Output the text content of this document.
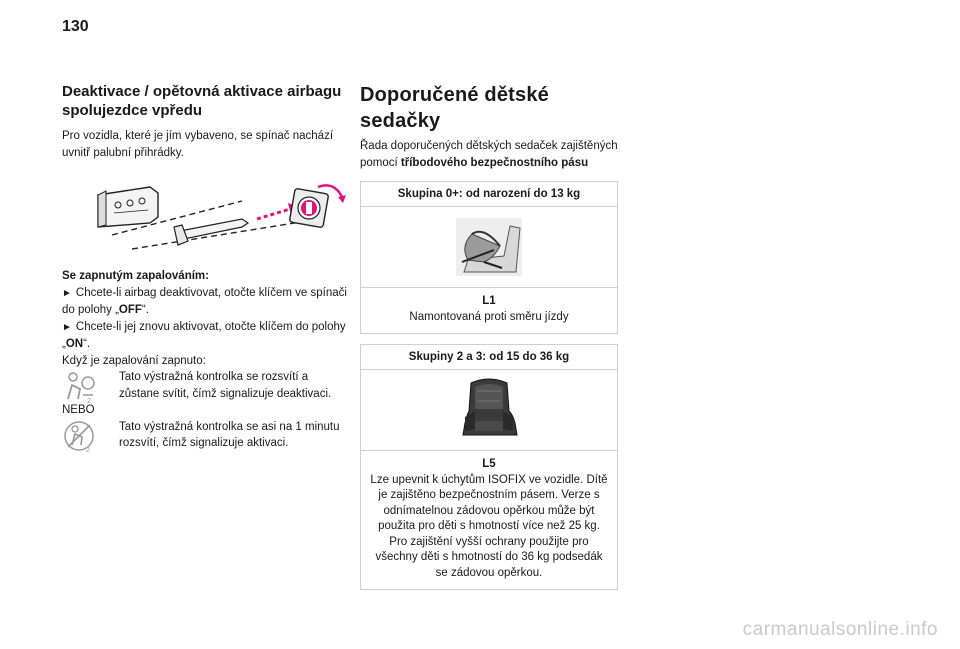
130
Deaktivace / opětovná aktivace airbagu spolujezdce vpředu

Pro vozidla, které je jím vybaveno, se spínač nachází uvnitř palubní přihrádky.

Se zapnutým zapalováním:

► Chcete-li airbag deaktivovat, otočte klíčem ve spínači do polohy „OFF“.

► Chcete-li jej znovu aktivovat, otočte klíčem do polohy „ON“.

Když je zapalování zapnuto:

2

Tato výstražná kontrolka se rozsvítí a zůstane svítit, čímž signalizuje deaktivaci.

NEBO

2

Tato výstražná kontrolka se asi na 1 minutu rozsvítí, čímž signalizuje aktivaci.

Doporučené dětské sedačky

Řada doporučených dětských sedaček zajištěných pomocí tříbodového bezpečnostního pásu

Skupina 0+: od narození do 13 kg
L1
Namontovaná proti směru jízdy
Skupiny 2 a 3: od 15 do 36 kg
L5
Lze upevnit k úchytům ISOFIX ve vozidle. Dítě je zajištěno bezpečnostním pásem. Verze s odnímatelnou zádovou opěrkou může být použita pro děti s hmotností více než 25 kg. Pro zajištění vyšší ochrany použijte pro všechny děti s hmotností do 36 kg podsedák se zádovou opěrkou.
carmanualsonline.info
